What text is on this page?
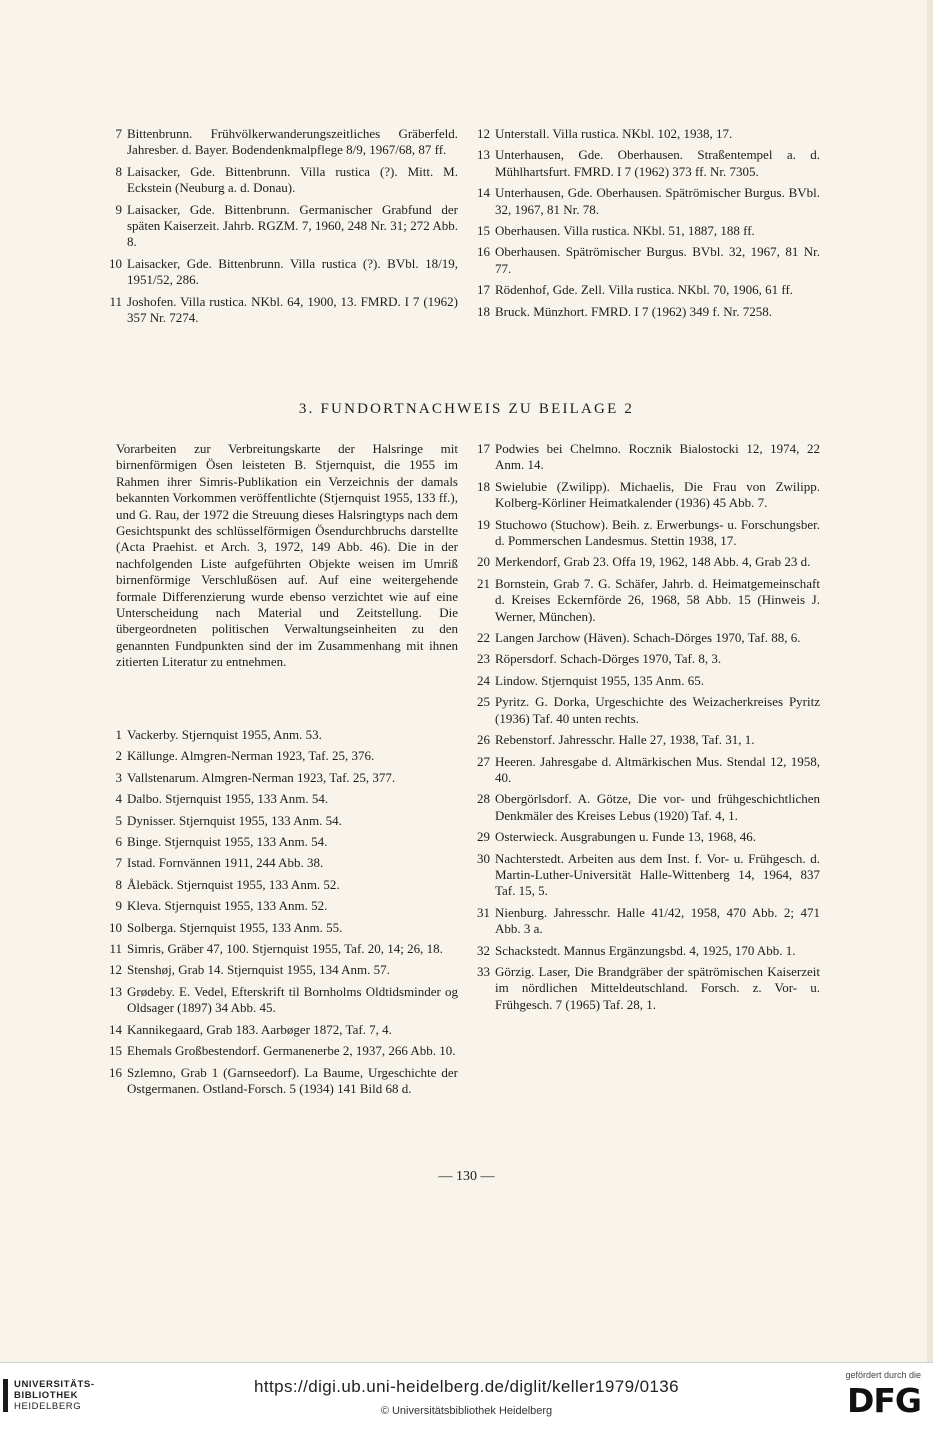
7 Bittenbrunn. Frühvölkerwanderungszeitliches Gräberfeld. Jahresber. d. Bayer. Bodendenkmalpflege 8/9, 1967/68, 87 ff.
8 Laisacker, Gde. Bittenbrunn. Villa rustica (?). Mitt. M. Eckstein (Neuburg a. d. Donau).
9 Laisacker, Gde. Bittenbrunn. Germanischer Grabfund der späten Kaiserzeit. Jahrb. RGZM. 7, 1960, 248 Nr. 31; 272 Abb. 8.
10 Laisacker, Gde. Bittenbrunn. Villa rustica (?). BVbl. 18/19, 1951/52, 286.
11 Joshofen. Villa rustica. NKbl. 64, 1900, 13. FMRD. I 7 (1962) 357 Nr. 7274.
12 Unterstall. Villa rustica. NKbl. 102, 1938, 17.
13 Unterhausen, Gde. Oberhausen. Straßentempel a. d. Mühlhartsfurt. FMRD. I 7 (1962) 373 ff. Nr. 7305.
14 Unterhausen, Gde. Oberhausen. Spätrömischer Burgus. BVbl. 32, 1967, 81 Nr. 78.
15 Oberhausen. Villa rustica. NKbl. 51, 1887, 188 ff.
16 Oberhausen. Spätrömischer Burgus. BVbl. 32, 1967, 81 Nr. 77.
17 Rödenhof, Gde. Zell. Villa rustica. NKbl. 70, 1906, 61 ff.
18 Bruck. Münzhort. FMRD. I 7 (1962) 349 f. Nr. 7258.
3. FUNDORTNACHWEIS ZU BEILAGE 2

Vorarbeiten zur Verbreitungskarte der Halsringe mit birnenförmigen Ösen leisteten B. Stjernquist, die 1955 im Rahmen ihrer Simris-Publikation ein Verzeichnis der damals bekannten Vorkommen veröffentlichte (Stjernquist 1955, 133 ff.), und G. Rau, der 1972 die Streuung dieses Halsringtyps nach dem Gesichtspunkt des schlüsselförmigen Ösendurchbruchs darstellte (Acta Praehist. et Arch. 3, 1972, 149 Abb. 46). Die in der nachfolgenden Liste aufgeführten Objekte weisen im Umriß birnenförmige Verschlußösen auf. Auf eine weitergehende formale Differenzierung wurde ebenso verzichtet wie auf eine Unterscheidung nach Material und Zeitstellung. Die übergeordneten politischen Verwaltungseinheiten zu den genannten Fundpunkten sind der im Zusammenhang mit ihnen zitierten Literatur zu entnehmen.

1 Vackerby. Stjernquist 1955, Anm. 53.
2 Källunge. Almgren-Nerman 1923, Taf. 25, 376.
3 Vallstenarum. Almgren-Nerman 1923, Taf. 25, 377.
4 Dalbo. Stjernquist 1955, 133 Anm. 54.
5 Dynisser. Stjernquist 1955, 133 Anm. 54.
6 Binge. Stjernquist 1955, 133 Anm. 54.
7 Istad. Fornvännen 1911, 244 Abb. 38.
8 Ålebäck. Stjernquist 1955, 133 Anm. 52.
9 Kleva. Stjernquist 1955, 133 Anm. 52.
10 Solberga. Stjernquist 1955, 133 Anm. 55.
11 Simris, Gräber 47, 100. Stjernquist 1955, Taf. 20, 14; 26, 18.
12 Stenshøj, Grab 14. Stjernquist 1955, 134 Anm. 57.
13 Grødeby. E. Vedel, Efterskrift til Bornholms Oldtidsminder og Oldsager (1897) 34 Abb. 45.
14 Kannikegaard, Grab 183. Aarbøger 1872, Taf. 7, 4.
15 Ehemals Großbestendorf. Germanenerbe 2, 1937, 266 Abb. 10.
16 Szlemno, Grab 1 (Garnseedorf). La Baume, Urgeschichte der Ostgermanen. Ostland-Forsch. 5 (1934) 141 Bild 68 d.
17 Podwies bei Chelmno. Rocznik Bialostocki 12, 1974, 22 Anm. 14.
18 Swielubie (Zwilipp). Michaelis, Die Frau von Zwilipp. Kolberg-Körliner Heimatkalender (1936) 45 Abb. 7.
19 Stuchowo (Stuchow). Beih. z. Erwerbungs- u. Forschungsber. d. Pommerschen Landesmus. Stettin 1938, 17.
20 Merkendorf, Grab 23. Offa 19, 1962, 148 Abb. 4, Grab 23 d.
21 Bornstein, Grab 7. G. Schäfer, Jahrb. d. Heimatgemeinschaft d. Kreises Eckernförde 26, 1968, 58 Abb. 15 (Hinweis J. Werner, München).
22 Langen Jarchow (Häven). Schach-Dörges 1970, Taf. 88, 6.
23 Röpersdorf. Schach-Dörges 1970, Taf. 8, 3.
24 Lindow. Stjernquist 1955, 135 Anm. 65.
25 Pyritz. G. Dorka, Urgeschichte des Weizacherkreises Pyritz (1936) Taf. 40 unten rechts.
26 Rebenstorf. Jahresschr. Halle 27, 1938, Taf. 31, 1.
27 Heeren. Jahresgabe d. Altmärkischen Mus. Stendal 12, 1958, 40.
28 Obergörlsdorf. A. Götze, Die vor- und frühgeschichtlichen Denkmäler des Kreises Lebus (1920) Taf. 4, 1.
29 Osterwieck. Ausgrabungen u. Funde 13, 1968, 46.
30 Nachterstedt. Arbeiten aus dem Inst. f. Vor- u. Frühgesch. d. Martin-Luther-Universität Halle-Wittenberg 14, 1964, 837 Taf. 15, 5.
31 Nienburg. Jahresschr. Halle 41/42, 1958, 470 Abb. 2; 471 Abb. 3 a.
32 Schackstedt. Mannus Ergänzungsbd. 4, 1925, 170 Abb. 1.
33 Görzig. Laser, Die Brandgräber der spätrömischen Kaiserzeit im nördlichen Mitteldeutschland. Forsch. z. Vor- u. Frühgesch. 7 (1965) Taf. 28, 1.
— 130 —
UNIVERSITÄTS-
BIBLIOTHEK
HEIDELBERG
https://digi.ub.uni-heidelberg.de/diglit/keller1979/0136
© Universitätsbibliothek Heidelberg
gefördert durch die
DFG
